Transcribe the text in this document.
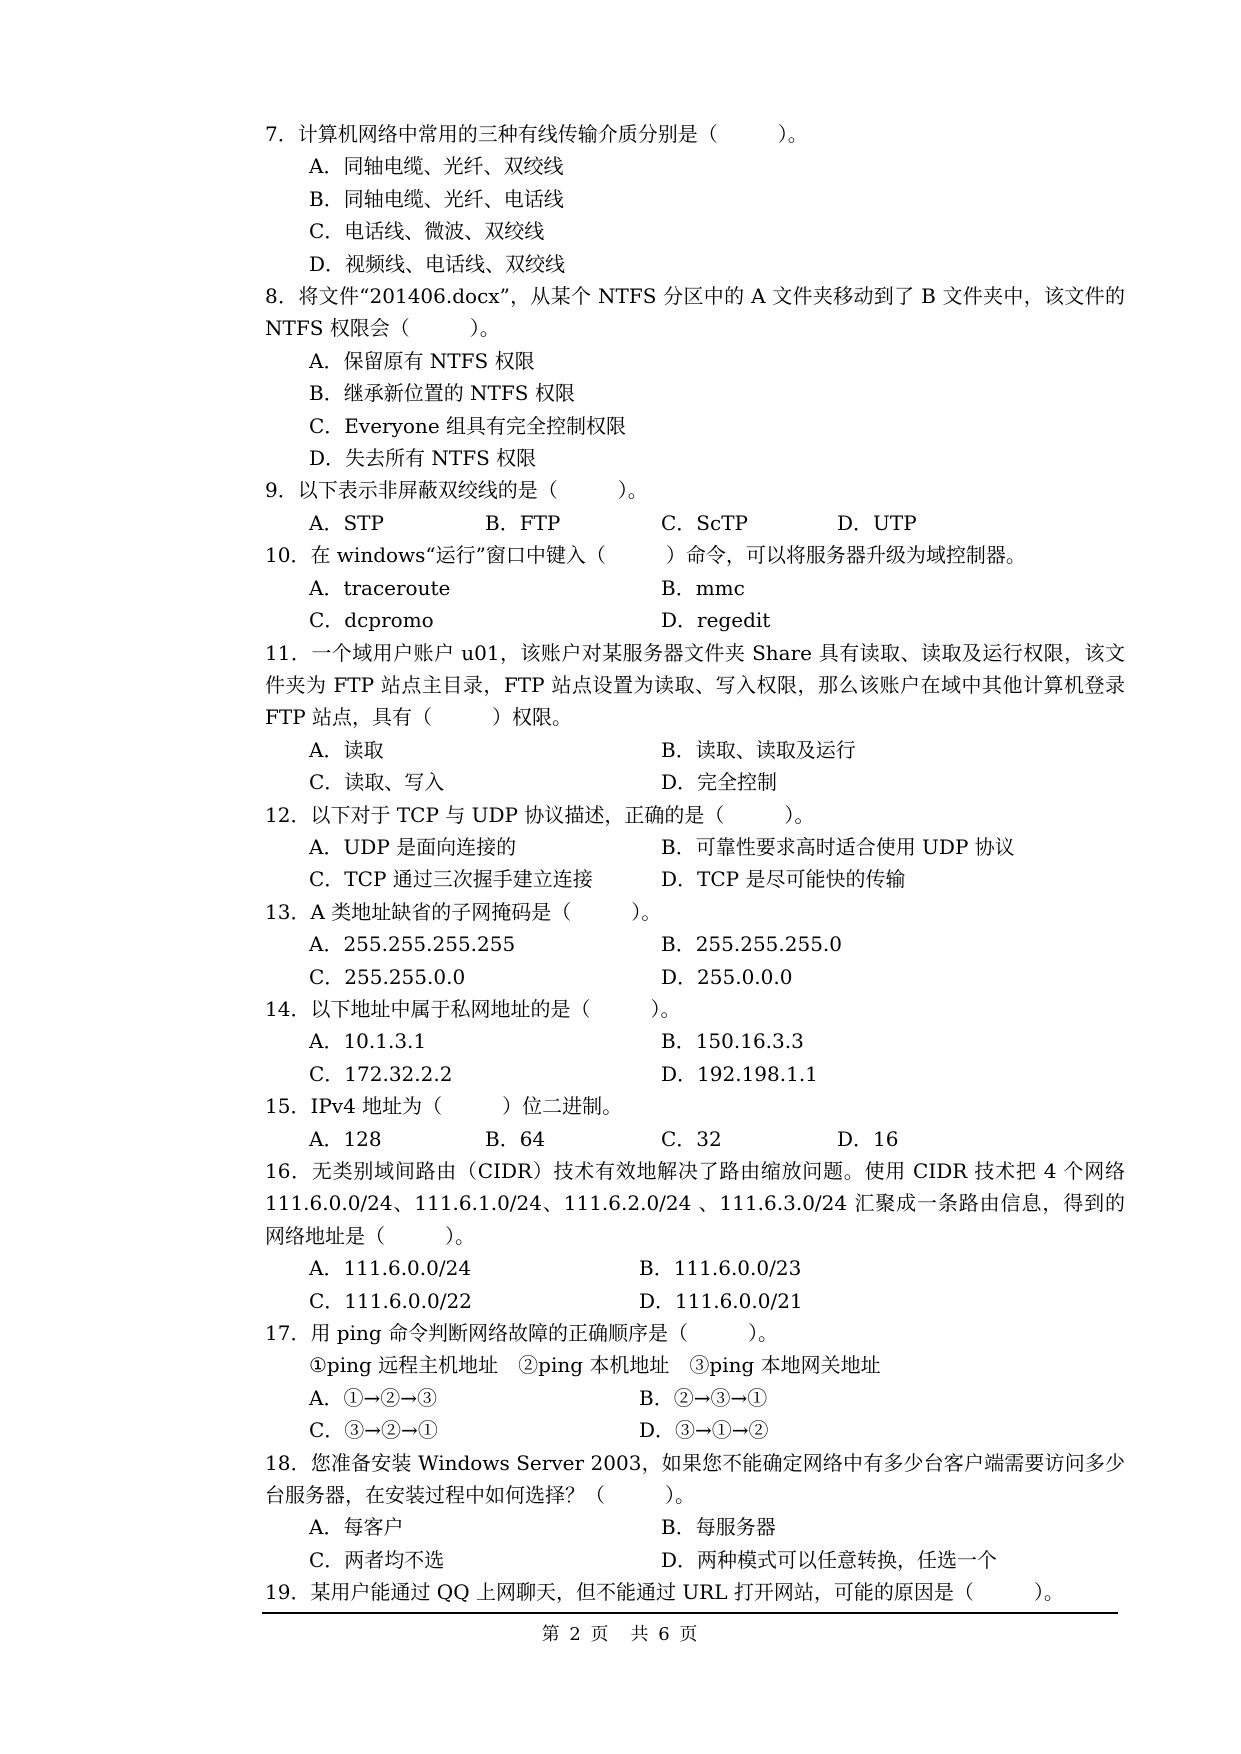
7．计算机网络中常用的三种有线传输介质分别是（　　　）。

A．同轴电缆、光纤、双绞线
B．同轴电缆、光纤、电话线
C．电话线、微波、双绞线
D．视频线、电话线、双绞线

8．将文件“201406.docx”，从某个 NTFS 分区中的 A 文件夹移动到了 B 文件夹中，该文件的 NTFS 权限会（　　　）。

A．保留原有 NTFS 权限
B．继承新位置的 NTFS 权限
C．Everyone 组具有完全控制权限
D．失去所有 NTFS 权限

9．以下表示非屏蔽双绞线的是（　　　）。

A．STP	B．FTP	C．ScTP	D．UTP

10．在 windows“运行”窗口中键入（　　　）命令，可以将服务器升级为域控制器。

A．traceroute	B．mmc
C．dcpromo	D．regedit

11．一个域用户账户 u01，该账户对某服务器文件夹 Share 具有读取、读取及运行权限，该文件夹为 FTP 站点主目录，FTP 站点设置为读取、写入权限，那么该账户在域中其他计算机登录 FTP 站点，具有（　　　）权限。

A．读取	B．读取、读取及运行
C．读取、写入	D．完全控制

12．以下对于 TCP 与 UDP 协议描述，正确的是（　　　）。

A．UDP 是面向连接的	B．可靠性要求高时适合使用 UDP 协议
C．TCP 通过三次握手建立连接	D．TCP 是尽可能快的传输

13．A 类地址缺省的子网掩码是（　　　）。

A．255.255.255.255	B．255.255.255.0
C．255.255.0.0	D．255.0.0.0

14．以下地址中属于私网地址的是（　　　）。

A．10.1.3.1	B．150.16.3.3
C．172.32.2.2	D．192.198.1.1

15．IPv4 地址为（　　　）位二进制。

A．128	B．64	C．32	D．16

16．无类别域间路由（CIDR）技术有效地解决了路由缩放问题。使用 CIDR 技术把 4 个网络 111.6.0.0/24、111.6.1.0/24、111.6.2.0/24 、111.6.3.0/24 汇聚成一条路由信息，得到的网络地址是（　　　）。

A．111.6.0.0/24	B．111.6.0.0/23
C．111.6.0.0/22	D．111.6.0.0/21

17．用 ping 命令判断网络故障的正确顺序是（　　　）。

①ping 远程主机地址　②ping 本机地址　③ping 本地网关地址
A．①→②→③	B．②→③→①
C．③→②→①	D．③→①→②

18．您准备安装 Windows Server 2003，如果您不能确定网络中有多少台客户端需要访问多少台服务器，在安装过程中如何选择？（　　　）。

A．每客户	B．每服务器
C．两者均不选	D．两种模式可以任意转换，任选一个

19．某用户能通过 QQ 上网聊天，但不能通过 URL 打开网站，可能的原因是（　　　）。

第 2 页　共 6 页
